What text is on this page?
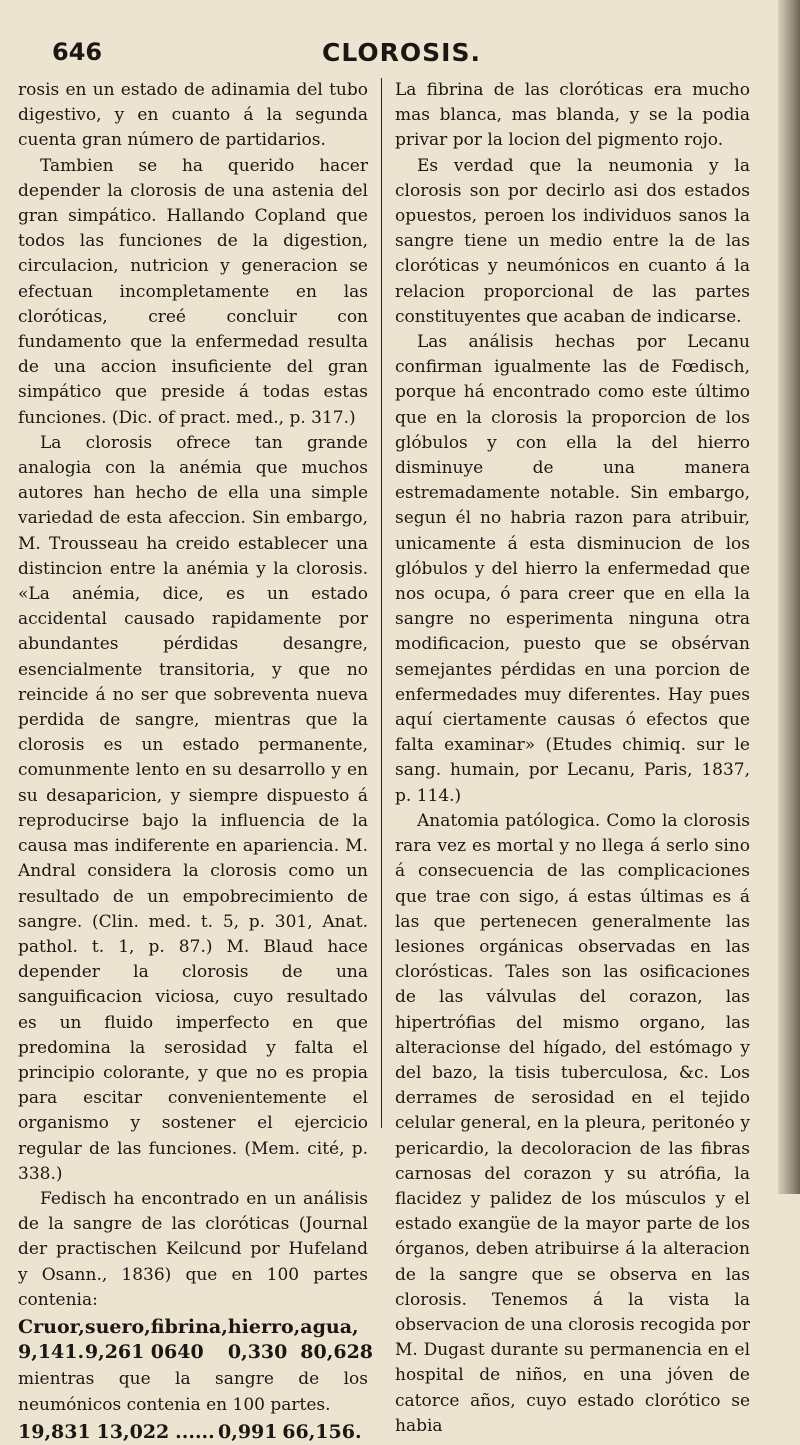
646	CLOROSIS.

rosis en un estado de adinamia del tubo digestivo, y en cuanto á la segunda cuenta gran número de partidarios.

Tambien se ha querido hacer depender la clorosis de una astenia del gran simpático. Hallando Copland que todos las funciones de la digestion, circulacion, nutricion y generacion se efectuan incompletamente en las cloróticas, creé concluir con fundamento que la enfermedad resulta de una accion insuficiente del gran simpático que preside á todas estas funciones. (Dic. of pract. med., p. 317.)

La clorosis ofrece tan grande analogia con la anémia que muchos autores han hecho de ella una simple variedad de esta afeccion. Sin embargo, M. Trousseau ha creido establecer una distincion entre la anémia y la clorosis. «La anémia, dice, es un estado accidental causado rapidamente por abundantes pérdidas desangre, esencialmente transitoria, y que no reincide á no ser que sobreventa nueva perdida de sangre, mientras que la clorosis es un estado permanente, comunmente lento en su desarrollo y en su desaparicion, y siempre dispuesto á reproducirse bajo la influencia de la causa mas indiferente en apariencia. M. Andral considera la clorosis como un resultado de un empobrecimiento de sangre. (Clin. med. t. 5, p. 301, Anat. pathol. t. 1, p. 87.) M. Blaud hace depender la clorosis de una sanguificacion viciosa, cuyo resultado es un fluido imperfecto en que predomina la serosidad y falta el principio colorante, y que no es propia para escitar convenientemente el organismo y sostener el ejercicio regular de las funciones. (Mem. cité, p. 338.)

Fedisch ha encontrado en un análisis de la sangre de las cloróticas (Journal der practischen Keilcund por Hufeland y Osann., 1836) que en 100 partes contenia:

Cruor,	suero,	fibrina,	hierro,	agua,
9,141.	9,261	0640	0,330	80,628

mientras que la sangre de los neumónicos contenia en 100 partes.

19,831	13,022	......	0,991	66,156.

La fibrina de las cloróticas era mucho mas blanca, mas blanda, y se la podia privar por la locion del pigmento rojo.

Es verdad que la neumonia y la clorosis son por decirlo asi dos estados opuestos, peroen los individuos sanos la sangre tiene un medio entre la de las cloróticas y neumónicos en cuanto á la relacion proporcional de las partes constituyentes que acaban de indicarse.

Las análisis hechas por Lecanu confirman igualmente las de Fœdisch, porque há encontrado como este último que en la clorosis la proporcion de los glóbulos y con ella la del hierro disminuye de una manera estremadamente notable. Sin embargo, segun él no habria razon para atribuir, unicamente á esta disminucion de los glóbulos y del hierro la enfermedad que nos ocupa, ó para creer que en ella la sangre no esperimenta ninguna otra modificacion, puesto que se obsérvan semejantes pérdidas en una porcion de enfermedades muy diferentes. Hay pues aquí ciertamente causas ó efectos que falta examinar» (Etudes chimiq. sur le sang. humain, por Lecanu, Paris, 1837, p. 114.)

Anatomia patólogica. Como la clorosis rara vez es mortal y no llega á serlo sino á consecuencia de las complicaciones que trae con sigo, á estas últimas es á las que pertenecen generalmente las lesiones orgánicas observadas en las clorósticas. Tales son las osificaciones de las válvulas del corazon, las hipertrófias del mismo organo, las alteracionse del hígado, del estómago y del bazo, la tisis tuberculosa, &c. Los derrames de serosidad en el tejido celular general, en la pleura, peritonéo y pericardio, la decoloracion de las fibras carnosas del corazon y su atrófia, la flacidez y palidez de los músculos y el estado exangüe de la mayor parte de los órganos, deben atribuirse á la alteracion de la sangre que se observa en las clorosis. Tenemos á la vista la observacion de una clorosis recogida por M. Dugast durante su permanencia en el hospital de niños, en una jóven de catorce años, cuyo estado clorótico se habia
